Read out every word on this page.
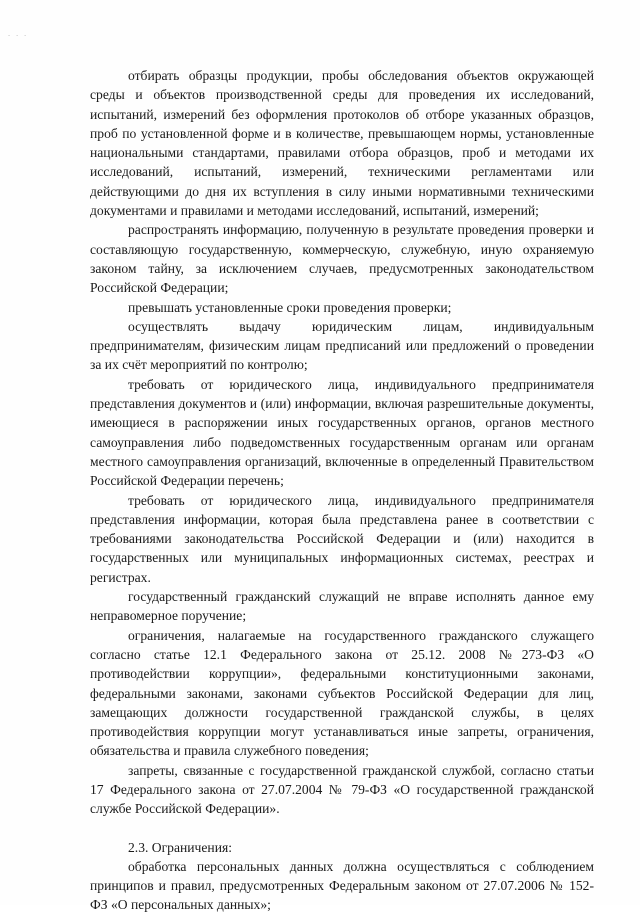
- - -

отбирать образцы продукции, пробы обследования объектов окружающей среды и объектов производственной среды для проведения их исследований, испытаний, измерений без оформления протоколов об отборе указанных образцов, проб по установленной форме и в количестве, превышающем нормы, установленные национальными стандартами, правилами отбора образцов, проб и методами их исследований, испытаний, измерений, техническими регламентами или действующими до дня их вступления в силу иными нормативными техническими документами и правилами и методами исследований, испытаний, измерений;

распространять информацию, полученную в результате проведения проверки и составляющую государственную, коммерческую, служебную, иную охраняемую законом тайну, за исключением случаев, предусмотренных законодательством Российской Федерации;

превышать установленные сроки проведения проверки;

осуществлять выдачу юридическим лицам, индивидуальным предпринимателям, физическим лицам предписаний или предложений о проведении за их счёт мероприятий по контролю;

требовать от юридического лица, индивидуального предпринимателя представления документов и (или) информации, включая разрешительные документы, имеющиеся в распоряжении иных государственных органов, органов местного самоуправления либо подведомственных государственным органам или органам местного самоуправления организаций, включенные в определенный Правительством Российской Федерации перечень;

требовать от юридического лица, индивидуального предпринимателя представления информации, которая была представлена ранее в соответствии с требованиями законодательства Российской Федерации и (или) находится в государственных или муниципальных информационных системах, реестрах и регистрах.

государственный гражданский служащий не вправе исполнять данное ему неправомерное поручение;

ограничения, налагаемые на государственного гражданского служащего согласно статье 12.1 Федерального закона от 25.12. 2008 №273-ФЗ «О противодействии коррупции», федеральными конституционными законами, федеральными законами, законами субъектов Российской Федерации для лиц, замещающих должности государственной гражданской службы, в целях противодействия коррупции могут устанавливаться иные запреты, ограничения, обязательства и правила служебного поведения;

запреты, связанные с государственной гражданской службой, согласно статьи 17 Федерального закона от 27.07.2004 № 79-ФЗ «О государственной гражданской службе Российской Федерации».

2.3. Ограничения:

обработка персональных данных должна осуществляться с соблюдением принципов и правил, предусмотренных Федеральным законом от 27.07.2006 № 152-ФЗ «О персональных данных»;
